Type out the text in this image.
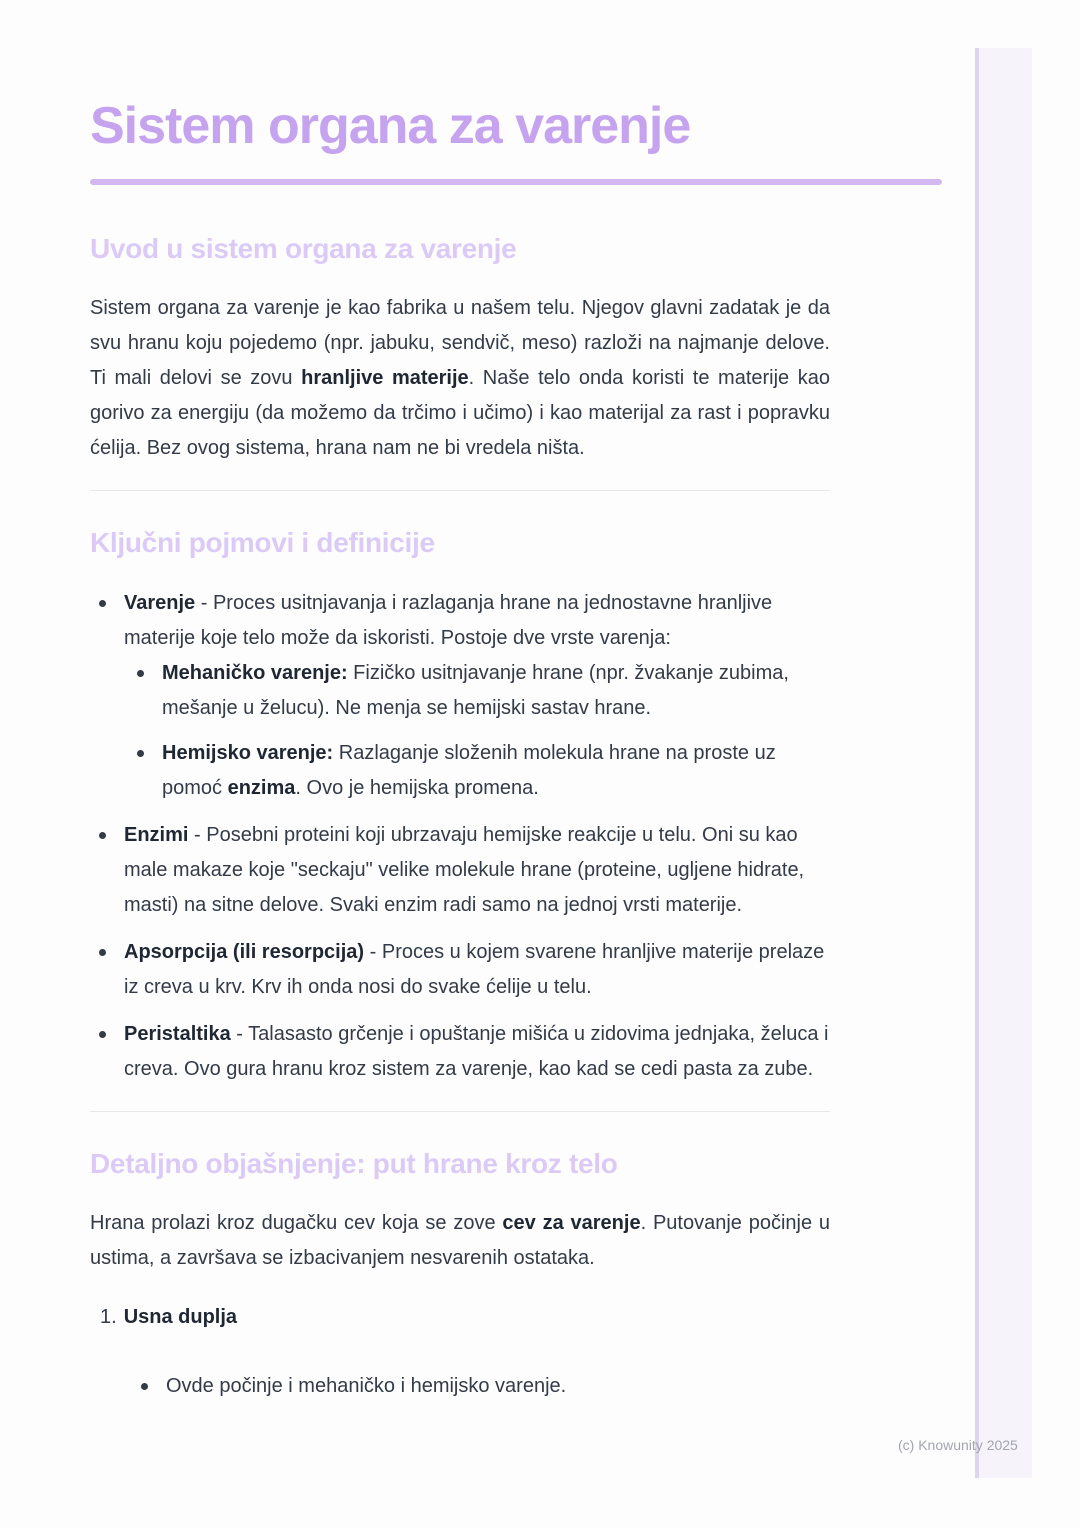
Sistem organa za varenje
Uvod u sistem organa za varenje

Sistem organa za varenje je kao fabrika u našem telu. Njegov glavni zadatak je da svu hranu koju pojedemo (npr. jabuku, sendvič, meso) razloži na najmanje delove. Ti mali delovi se zovu hranljive materije. Naše telo onda koristi te materije kao gorivo za energiju (da možemo da trčimo i učimo) i kao materijal za rast i popravku ćelija. Bez ovog sistema, hrana nam ne bi vredela ništa.

Ključni pojmovi i definicije
Varenje - Proces usitnjavanja i razlaganja hrane na jednostavne hranljive materije koje telo može da iskoristi. Postoje dve vrste varenja:
Mehaničko varenje: Fizičko usitnjavanje hrane (npr. žvakanje zubima, mešanje u želucu). Ne menja se hemijski sastav hrane.
Hemijsko varenje: Razlaganje složenih molekula hrane na proste uz pomoć enzima. Ovo je hemijska promena.
Enzimi - Posebni proteini koji ubrzavaju hemijske reakcije u telu. Oni su kao male makaze koje "seckaju" velike molekule hrane (proteine, ugljene hidrate, masti) na sitne delove. Svaki enzim radi samo na jednoj vrsti materije.
Apsorpcija (ili resorpcija) - Proces u kojem svarene hranljive materije prelaze iz creva u krv. Krv ih onda nosi do svake ćelije u telu.
Peristaltika - Talasasto grčenje i opuštanje mišića u zidovima jednjaka, želuca i creva. Ovo gura hranu kroz sistem za varenje, kao kad se cedi pasta za zube.
Detaljno objašnjenje: put hrane kroz telo

Hrana prolazi kroz dugačku cev koja se zove cev za varenje. Putovanje počinje u ustima, a završava se izbacivanjem nesvarenih ostataka.

1. Usna duplja
Ovde počinje i mehaničko i hemijsko varenje.
(c) Knowunity 2025
